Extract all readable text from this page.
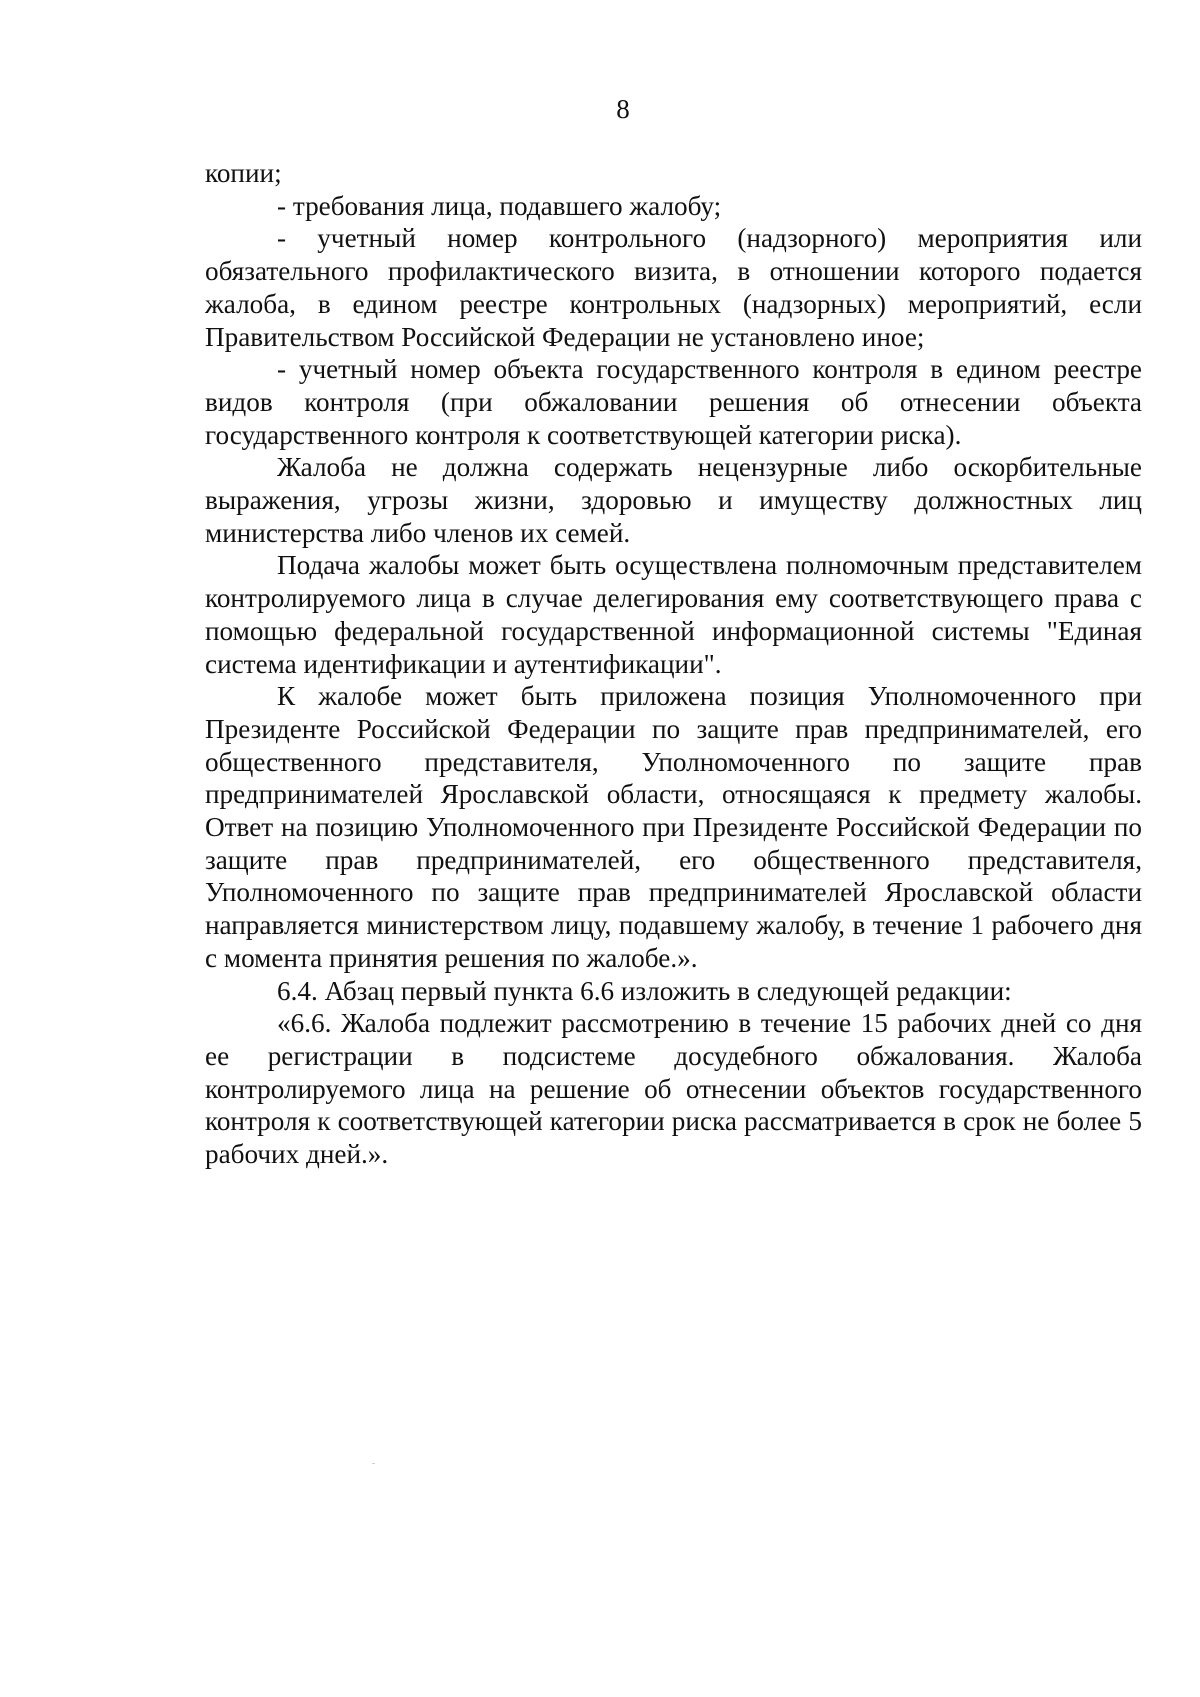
8

копии;

- требования лица, подавшего жалобу;

- учетный номер контрольного (надзорного) мероприятия или обязательного профилактического визита, в отношении которого подается жалоба, в едином реестре контрольных (надзорных) мероприятий, если Правительством Российской Федерации не установлено иное;

- учетный номер объекта государственного контроля в едином реестре видов контроля (при обжаловании решения об отнесении объекта государственного контроля к соответствующей категории риска).

Жалоба не должна содержать нецензурные либо оскорбительные выражения, угрозы жизни, здоровью и имуществу должностных лиц министерства либо членов их семей.

Подача жалобы может быть осуществлена полномочным представителем контролируемого лица в случае делегирования ему соответствующего права с помощью федеральной государственной информационной системы "Единая система идентификации и аутентификации".

К жалобе может быть приложена позиция Уполномоченного при Президенте Российской Федерации по защите прав предпринимателей, его общественного представителя, Уполномоченного по защите прав предпринимателей Ярославской области, относящаяся к предмету жалобы. Ответ на позицию Уполномоченного при Президенте Российской Федерации по защите прав предпринимателей, его общественного представителя, Уполномоченного по защите прав предпринимателей Ярославской области направляется министерством лицу, подавшему жалобу, в течение 1 рабочего дня с момента принятия решения по жалобе.».

6.4. Абзац первый пункта 6.6 изложить в следующей редакции:

«6.6. Жалоба подлежит рассмотрению в течение 15 рабочих дней со дня ее регистрации в подсистеме досудебного обжалования. Жалоба контролируемого лица на решение об отнесении объектов государственного контроля к соответствующей категории риска рассматривается в срок не более 5 рабочих дней.».
